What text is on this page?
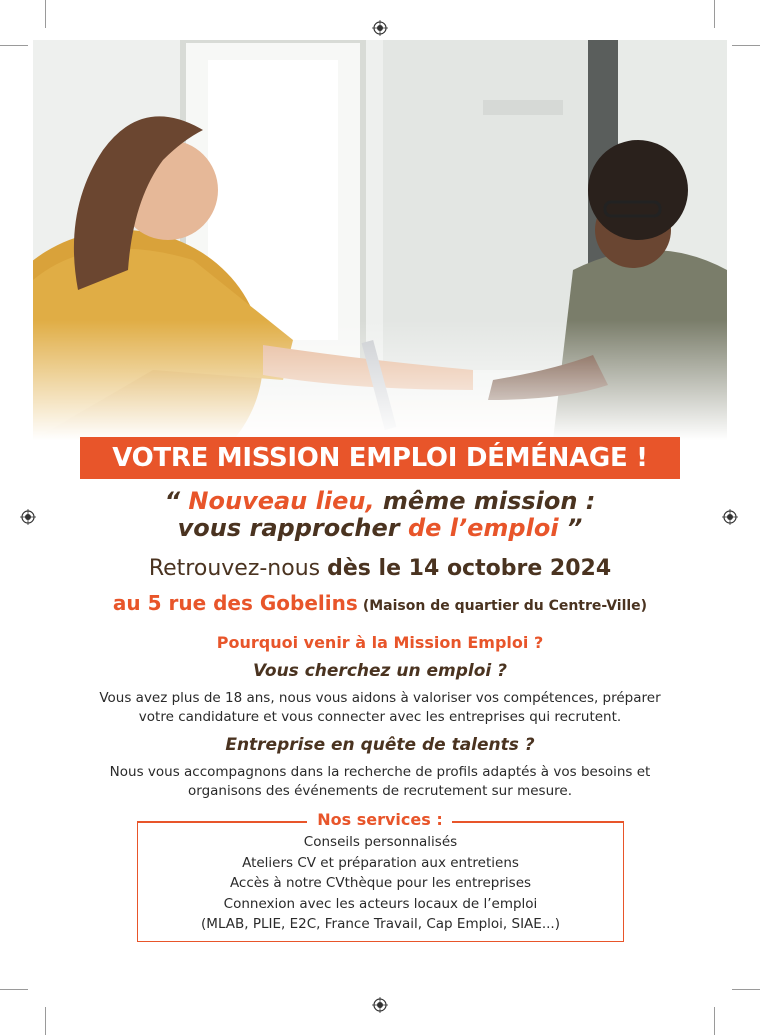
VOTRE MISSION EMPLOI DÉMÉNAGE !
“ Nouveau lieu, même mission :
vous rapprocher de l’emploi ”
Retrouvez-nous dès le 14 octobre 2024
au 5 rue des Gobelins (Maison de quartier du Centre-Ville)
Pourquoi venir à la Mission Emploi ?
Vous cherchez un emploi ?
Vous avez plus de 18 ans, nous vous aidons à valoriser vos compétences, préparer
votre candidature et vous connecter avec les entreprises qui recrutent.
Entreprise en quête de talents ?
Nous vous accompagnons dans la recherche de profils adaptés à vos besoins et
organisons des événements de recrutement sur mesure.
Nos services :
Conseils personnalisés
Ateliers CV et préparation aux entretiens
Accès à notre CVthèque pour les entreprises
Connexion avec les acteurs locaux de l’emploi
(MLAB, PLIE, E2C, France Travail, Cap Emploi, SIAE...)
